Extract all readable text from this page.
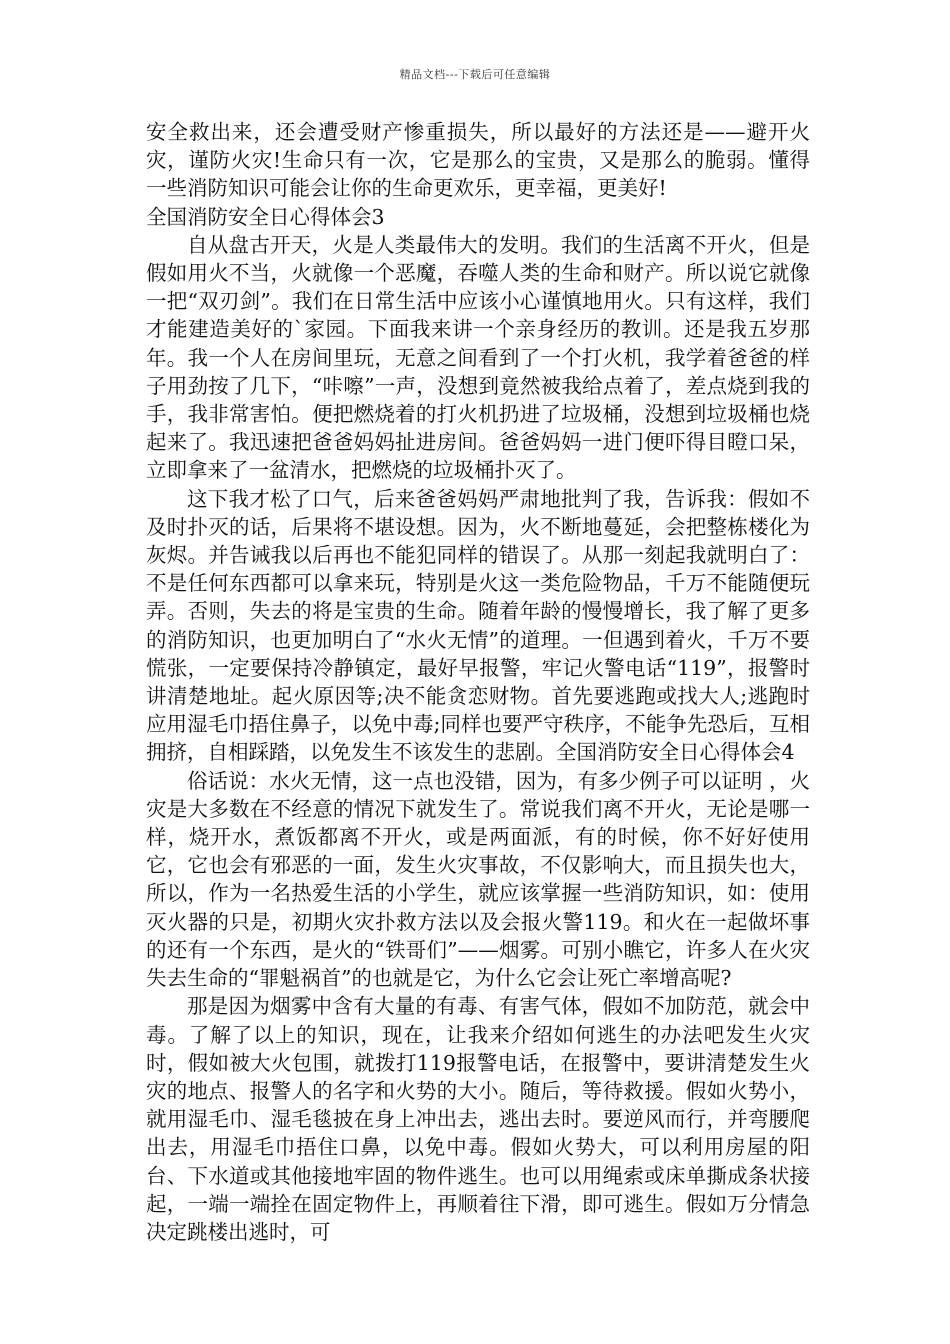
精品文档---下载后可任意编辑

安全救出来，还会遭受财产惨重损失，所以最好的方法还是——避开火灾，谨防火灾!生命只有一次，它是那么的宝贵，又是那么的脆弱。懂得一些消防知识可能会让你的生命更欢乐，更幸福，更美好!

全国消防安全日心得体会3

自从盘古开天，火是人类最伟大的发明。我们的生活离不开火，但是假如用火不当，火就像一个恶魔，吞噬人类的生命和财产。所以说它就像一把“双刃剑”。我们在日常生活中应该小心谨慎地用火。只有这样，我们才能建造美好的`家园。下面我来讲一个亲身经历的教训。还是我五岁那年。我一个人在房间里玩，无意之间看到了一个打火机，我学着爸爸的样子用劲按了几下，“咔嚓”一声，没想到竟然被我给点着了，差点烧到我的手，我非常害怕。便把燃烧着的打火机扔进了垃圾桶，没想到垃圾桶也烧起来了。我迅速把爸爸妈妈扯进房间。爸爸妈妈一进门便吓得目瞪口呆，立即拿来了一盆清水，把燃烧的垃圾桶扑灭了。

这下我才松了口气，后来爸爸妈妈严肃地批判了我，告诉我：假如不及时扑灭的话，后果将不堪设想。因为，火不断地蔓延，会把整栋楼化为灰烬。并告诫我以后再也不能犯同样的错误了。从那一刻起我就明白了：不是任何东西都可以拿来玩，特别是火这一类危险物品，千万不能随便玩弄。否则，失去的将是宝贵的生命。随着年龄的慢慢增长，我了解了更多的消防知识，也更加明白了“水火无情”的道理。一但遇到着火，千万不要慌张，一定要保持冷静镇定，最好早报警，牢记火警电话“119”，报警时讲清楚地址。起火原因等;决不能贪恋财物。首先要逃跑或找大人;逃跑时应用湿毛巾捂住鼻子，以免中毒;同样也要严守秩序，不能争先恐后，互相拥挤，自相踩踏，以免发生不该发生的悲剧。全国消防安全日心得体会4

俗话说：水火无情，这一点也没错，因为，有多少例子可以证明 ，火灾是大多数在不经意的情况下就发生了。常说我们离不开火，无论是哪一样，烧开水，煮饭都离不开火，或是两面派，有的时候，你不好好使用它，它也会有邪恶的一面，发生火灾事故，不仅影响大，而且损失也大，所以，作为一名热爱生活的小学生，就应该掌握一些消防知识，如：使用灭火器的只是，初期火灾扑救方法以及会报火警119。和火在一起做坏事的还有一个东西，是火的“铁哥们”——烟雾。可别小瞧它，许多人在火灾失去生命的“罪魁祸首”的也就是它，为什么它会让死亡率增高呢?

那是因为烟雾中含有大量的有毒、有害气体，假如不加防范，就会中毒。了解了以上的知识，现在，让我来介绍如何逃生的办法吧发生火灾时，假如被大火包围，就拨打119报警电话，在报警中，要讲清楚发生火灾的地点、报警人的名字和火势的大小。随后，等待救援。假如火势小，就用湿毛巾、湿毛毯披在身上冲出去，逃出去时。要逆风而行，并弯腰爬出去，用湿毛巾捂住口鼻，以免中毒。假如火势大，可以利用房屋的阳台、下水道或其他接地牢固的物件逃生。也可以用绳索或床单撕成条状接起，一端一端拴在固定物件上，再顺着往下滑，即可逃生。假如万分情急决定跳楼出逃时，可
